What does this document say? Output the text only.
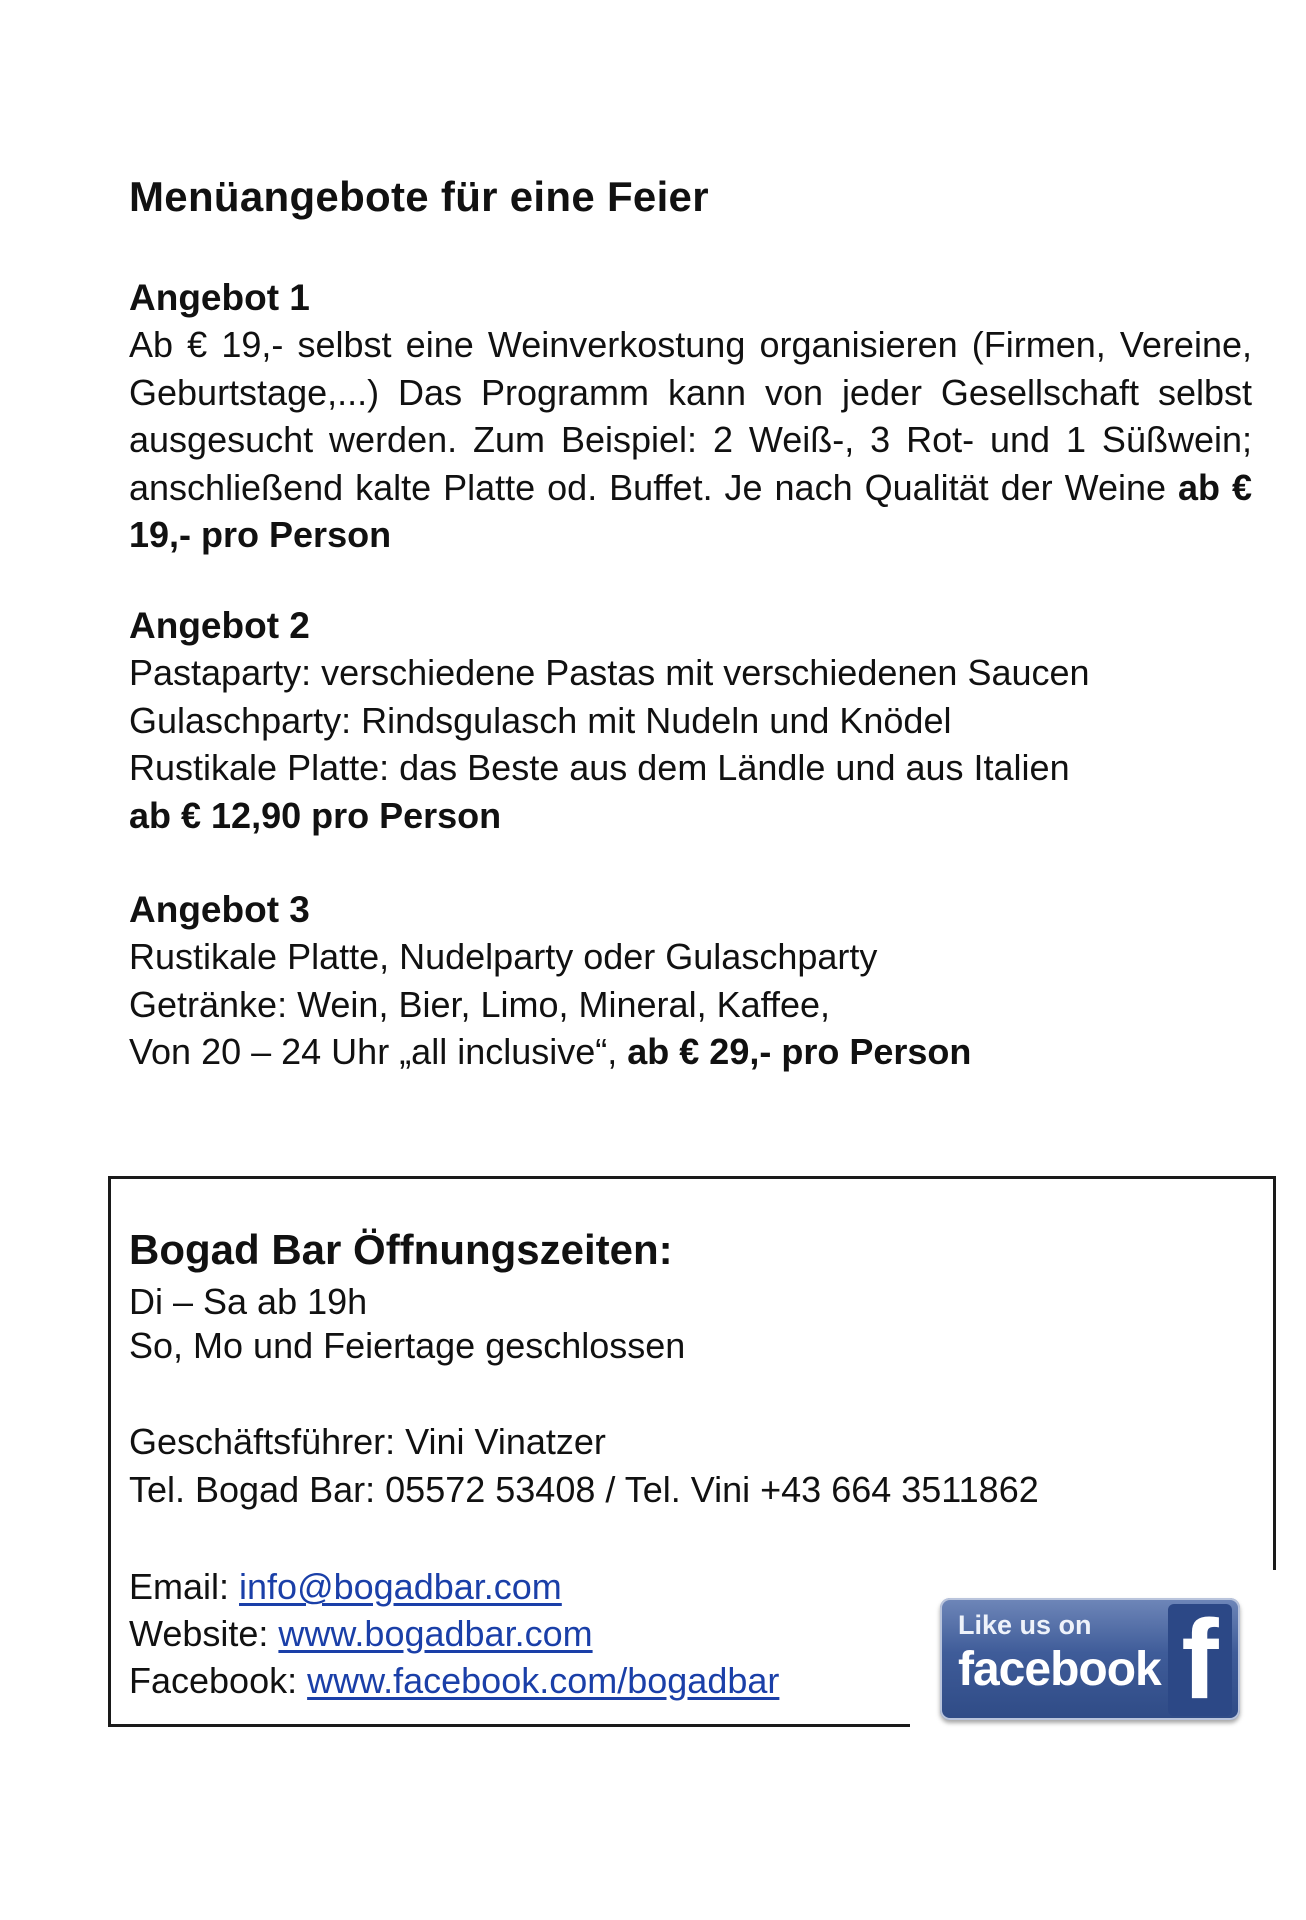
Menüangebote für eine Feier
Angebot 1

Ab € 19,- selbst eine Weinverkostung organisieren (Firmen, Vereine, Geburtstage,...) Das Programm kann von jeder Gesellschaft selbst ausgesucht werden. Zum Beispiel: 2 Weiß-, 3 Rot- und 1 Süßwein; anschließend kalte Platte od. Buffet. Je nach Qualität der Weine ab € 19,- pro Person

Angebot 2
Pastaparty: verschiedene Pastas mit verschiedenen Saucen
Gulaschparty: Rindsgulasch mit Nudeln und Knödel
Rustikale Platte: das Beste aus dem Ländle und aus Italien
ab € 12,90 pro Person
Angebot 3
Rustikale Platte, Nudelparty oder Gulaschparty
Getränke: Wein, Bier, Limo, Mineral, Kaffee,
Von 20 – 24 Uhr „all inclusive“, ab € 29,- pro Person
Bogad Bar Öffnungszeiten:
Di – Sa ab 19h
So, Mo und Feiertage geschlossen
Geschäftsführer: Vini Vinatzer
Tel. Bogad Bar: 05572 53408 / Tel. Vini +43 664 3511862
Email: info@bogadbar.com
Website: www.bogadbar.com
Facebook: www.facebook.com/bogadbar
Like us on
facebook f
